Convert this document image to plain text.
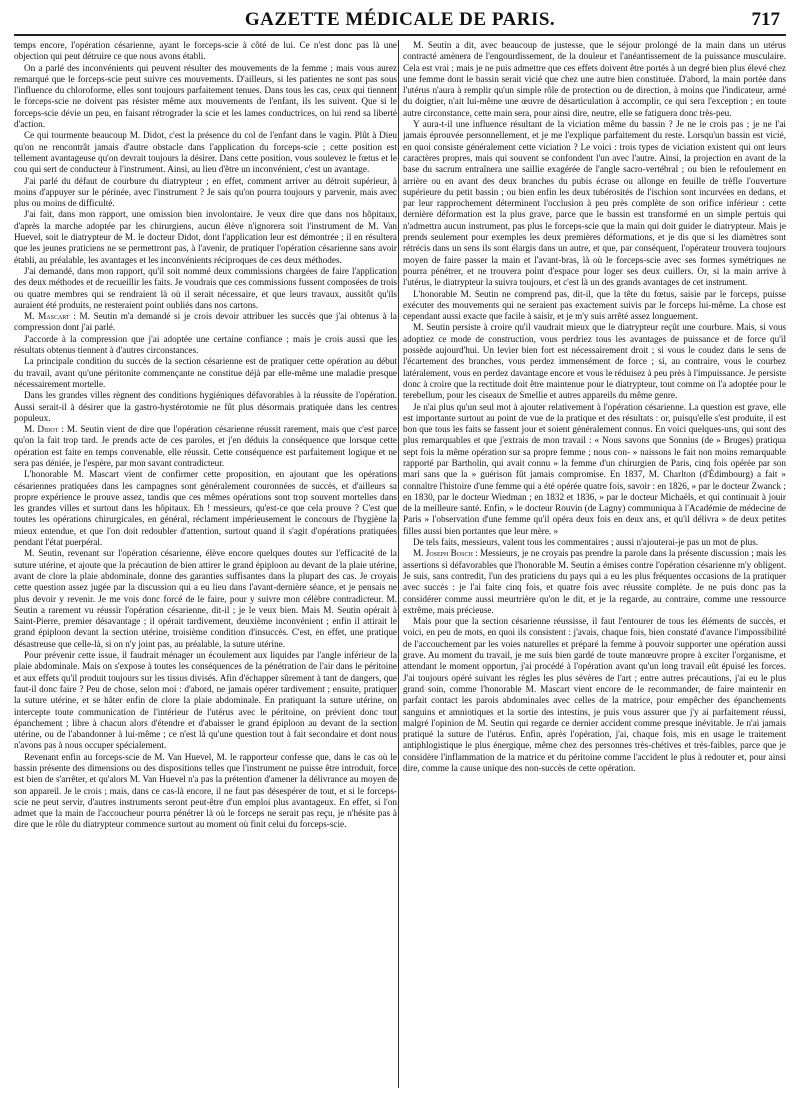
GAZETTE MÉDICALE DE PARIS.	717

temps encore, l'opération césarienne, ayant le forceps-scie à côté de lui. Ce n'est donc pas là une objection qui peut détruire ce que nous avons établi.

On a parlé des inconvénients qui peuvent résulter des mouvements de la femme ; mais vous aurez remarqué que le forceps-scie peut suivre ces mouvements. D'ailleurs, si les patientes ne sont pas sous l'influence du chloroforme, elles sont toujours parfaitement tenues. Dans tous les cas, ceux qui tiennent le forceps-scie ne doivent pas résister même aux mouvements de l'enfant, ils les suivent. Que si le forceps-scie dévie un peu, en faisant rétrograder la scie et les lames conductrices, on lui rend sa liberté d'action.

Ce qui tourmente beaucoup M. Didot, c'est la présence du col de l'enfant dans le vagin. Plût à Dieu qu'on ne rencontrât jamais d'autre obstacle dans l'application du forceps-scie ; cette position est tellement avantageuse qu'on devrait toujours la désirer. Dans cette position, vous soulevez le fœtus et le cou qui sert de conducteur à l'instrument. Ainsi, au lieu d'être un inconvénient, c'est un avantage.

J'ai parlé du défaut de courbure du diatrypteur ; en effet, comment arriver au détroit supérieur, à moins d'appuyer sur le périnée, avec l'instrument ? Je sais qu'on pourra toujours y parvenir, mais avec plus ou moins de difficulté.

J'ai fait, dans mon rapport, une omission bien involontaire. Je veux dire que dans nos hôpitaux, d'après la marche adoptée par les chirurgiens, aucun élève n'ignorera soit l'instrument de M. Van Huevel, soit le diatrypteur de M. le docteur Didot, dont l'application leur est démontrée ; il en résultera que les jeunes praticiens ne se permettront pas, à l'avenir, de pratiquer l'opération césarienne sans avoir établi, au préalable, les avantages et les inconvénients réciproques de ces deux méthodes.

J'ai demandé, dans mon rapport, qu'il soit nommé deux commissions chargées de faire l'application des deux méthodes et de recueillir les faits. Je voudrais que ces commissions fussent composées de trois ou quatre membres qui se rendraient là où il serait nécessaire, et que leurs travaux, aussitôt qu'ils auraient été produits, ne resteraient point oubliés dans nos cartons.

M. Mascart : M. Seutin m'a demandé si je crois devoir attribuer les succès que j'ai obtenus à la compression dont j'ai parlé.

J'accorde à la compression que j'ai adoptée une certaine confiance ; mais je crois aussi que les résultats obtenus tiennent à d'autres circonstances.

La principale condition du succès de la section césarienne est de pratiquer cette opération au début du travail, avant qu'une péritonite commençante ne constitue déjà par elle-même une maladie presque nécessairement mortelle.

Dans les grandes villes règnent des conditions hygiéniques défavorables à la réussite de l'opération. Aussi serait-il à désirer que la gastro-hystérotomie ne fût plus désormais pratiquée dans les centres populeux.

M. Didot : M. Seutin vient de dire que l'opération césarienne réussit rarement, mais que c'est parce qu'on la fait trop tard. Je prends acte de ces paroles, et j'en déduis la conséquence que lorsque cette opération est faite en temps convenable, elle réussit. Cette conséquence est parfaitement logique et ne sera pas déniée, je l'espère, par mon savant contradicteur.

L'honorable M. Mascart vient de confirmer cette proposition, en ajoutant que les opérations césariennes pratiquées dans les campagnes sont généralement couronnées de succès, et d'ailleurs sa propre expérience le prouve assez, tandis que ces mêmes opérations sont trop souvent mortelles dans les grandes villes et surtout dans les hôpitaux. Eh ! messieurs, qu'est-ce que cela prouve ? C'est que toutes les opérations chirurgicales, en général, réclament impérieusement le concours de l'hygiène la mieux entendue, et que l'on doit redoubler d'attention, surtout quand il s'agit d'opérations pratiquées pendant l'état puerpéral.

M. Seutin, revenant sur l'opération césarienne, élève encore quelques doutes sur l'efficacité de la suture utérine, et ajoute que la précaution de bien attirer le grand épiploon au devant de la plaie utérine, avant de clore la plaie abdominale, donne des garanties suffisantes dans la plupart des cas. Je croyais cette question assez jugée par la discussion qui a eu lieu dans l'avant-dernière séance, et je pensais ne plus devoir y revenir. Je me vois donc forcé de le faire, pour y suivre mon célèbre contradicteur. M. Seutin a rarement vu réussir l'opération césarienne, dit-il ; je le veux bien. Mais M. Seutin opérait à Saint-Pierre, premier désavantage ; il opérait tardivement, deuxième inconvénient ; enfin il attirait le grand épiploon devant la section utérine, troisième condition d'insuccès. C'est, en effet, une pratique désastreuse que celle-là, si on n'y joint pas, au préalable, la suture utérine.

Pour prévenir cette issue, il faudrait ménager un écoulement aux liquides par l'angle inférieur de la plaie abdominale. Mais on s'expose à toutes les conséquences de la pénétration de l'air dans le péritoine et aux effets qu'il produit toujours sur les tissus divisés. Afin d'échapper sûrement à tant de dangers, que faut-il donc faire ? Peu de chose, selon moi : d'abord, ne jamais opérer tardivement ; ensuite, pratiquer la suture utérine, et se hâter enfin de clore la plaie abdominale. En pratiquant la suture utérine, on intercepte toute communication de l'intérieur de l'utérus avec le péritoine, on prévient donc tout épanchement ; libre à chacun alors d'étendre et d'abaisser le grand épiploon au devant de la section utérine, ou de l'abandonner à lui-même ; ce n'est là qu'une question tout à fait secondaire et dont nous n'avons pas à nous occuper spécialement.

Revenant enfin au forceps-scie de M. Van Huevel, M. le rapporteur confesse que, dans le cas où le bassin présente des dimensions ou des dispositions telles que l'instrument ne puisse être introduit, force est bien de s'arrêter, et qu'alors M. Van Huevel n'a pas la prétention d'amener la délivrance au moyen de son appareil. Je le crois ; mais, dans ce cas-là encore, il ne faut pas désespérer de tout, et si le forceps-scie ne peut servir, d'autres instruments seront peut-être d'un emploi plus avantageux. En effet, si l'on admet que la main de l'accoucheur pourra pénétrer là où le forceps ne serait pas reçu, je n'hésite pas à dire que le rôle du diatrypteur commence surtout au moment où finit celui du forceps-scie.

M. Seutin a dit, avec beaucoup de justesse, que le séjour prolongé de la main dans un utérus contracté amènera de l'engourdissement, de la douleur et l'anéantissement de la puissance musculaire. Cela est vrai ; mais je ne puis admettre que ces effets doivent être portés à un degré bien plus élevé chez une femme dont le bassin serait vicié que chez une autre bien constituée. D'abord, la main portée dans l'utérus n'aura à remplir qu'un simple rôle de protection ou de direction, à moins que l'indicateur, armé du doigtier, n'ait lui-même une œuvre de désarticulation à accomplir, ce qui sera l'exception ; en toute autre circonstance, cette main sera, pour ainsi dire, neutre, elle se fatiguera donc très-peu.

Y aura-t-il une influence résultant de la viciation même du bassin ? Je ne le crois pas ; je ne l'ai jamais éprouvée personnellement, et je me l'explique parfaitement du reste. Lorsqu'un bassin est vicié, en quoi consiste généralement cette viciation ? Le voici : trois types de viciation existent qui ont leurs caractères propres, mais qui souvent se confondent l'un avec l'autre. Ainsi, la projection en avant de la base du sacrum entraînera une saillie exagérée de l'angle sacro-vertébral ; ou bien le refoulement en arrière ou en avant des deux branches du pubis écrase ou allonge en feuille de trèfle l'ouverture supérieure du petit bassin ; ou bien enfin les deux tubérosités de l'ischion sont incurvées en dedans, et par leur rapprochement déterminent l'occlusion à peu près complète de son orifice inférieur : cette dernière déformation est la plus grave, parce que le bassin est transformé en un simple pertuis qui n'admettra aucun instrument, pas plus le forceps-scie que la main qui doit guider le diatrypteur. Mais je prends seulement pour exemples les deux premières déformations, et je dis que si les diamètres sont rétrécis dans un sens ils sont élargis dans un autre, et que, par conséquent, l'opérateur trouvera toujours moyen de faire passer la main et l'avant-bras, là où le forceps-scie avec ses formes symétriques ne pourra pénétrer, et ne trouvera point d'espace pour loger ses deux cuillers. Or, si la main arrive à l'utérus, le diatrypteur la suivra toujours, et c'est là un des grands avantages de cet instrument.

L'honorable M. Seutin ne comprend pas, dit-il, que la tête du fœtus, saisie par le forceps, puisse exécuter des mouvements qui ne seraient pas exactement suivis par le forceps lui-même. La chose est cependant aussi exacte que facile à saisir, et je m'y suis arrêté assez longuement.

M. Seutin persiste à croire qu'il vaudrait mieux que le diatrypteur reçût une courbure. Mais, si vous adoptiez ce mode de construction, vous perdriez tous les avantages de puissance et de force qu'il possède aujourd'hui. Un levier bien fort est nécessairement droit ; si vous le coudez dans le sens de l'écartement des branches, vous perdez immensément de force ; si, au contraire, vous le courbez latéralement, vous en perdez davantage encore et vous le réduisez à peu près à l'impuissance. Je persiste donc à croire que la rectitude doit être maintenue pour le diatrypteur, tout comme on l'a adoptée pour le terebellum, pour les ciseaux de Smellie et autres appareils du même genre.

Je n'ai plus qu'un seul mot à ajouter relativement à l'opération césarienne. La question est grave, elle est importante surtout au point de vue de la pratique et des résultats : or, puisqu'elle s'est produite, il est bon que tous les faits se fassent jour et soient généralement connus. En voici quelques-uns, qui sont des plus remarquables et que j'extrais de mon travail : « Nous savons que Sonnius (de » Bruges) pratiqua sept fois la même opération sur sa propre femme ; nous con- » naissons le fait non moins remarquable rapporté par Bartholin, qui avait connu » la femme d'un chirurgien de Paris, cinq fois opérée par son mari sans que la » guérison fût jamais compromise. En 1837, M. Charlton (d'Édimbourg) a fait » connaître l'histoire d'une femme qui a été opérée quatre fois, savoir : en 1826, » par le docteur Zwanck ; en 1830, par le docteur Wiedman ; en 1832 et 1836, » par le docteur Michaëls, et qui continuait à jouir de la meilleure santé. Enfin, » le docteur Rouvin (de Lagny) communiqua à l'Académie de médecine de Paris » l'observation d'une femme qu'il opéra deux fois en deux ans, et qu'il délivra » de deux petites filles aussi bien portantes que leur mère. »

De tels faits, messieurs, valent tous les commentaires ; aussi n'ajouterai-je pas un mot de plus.

M. Joseph Bosch : Messieurs, je ne croyais pas prendre la parole dans la présente discussion ; mais les assertions si défavorables que l'honorable M. Seutin a émises contre l'opération césarienne m'y obligent. Je suis, sans contredit, l'un des praticiens du pays qui a eu les plus fréquentes occasions de la pratiquer avec succès : je l'ai faite cinq fois, et quatre fois avec réussite complète. Je ne puis donc pas la considérer comme aussi meurtrière qu'on le dit, et je la regarde, au contraire, comme une ressource extrême, mais précieuse.

Mais pour que la section césarienne réussisse, il faut l'entourer de tous les éléments de succès, et voici, en peu de mots, en quoi ils consistent : j'avais, chaque fois, bien constaté d'avance l'impossibilité de l'accouchement par les voies naturelles et préparé la femme à pouvoir supporter une opération aussi grave. Au moment du travail, je me suis bien gardé de toute manœuvre propre à exciter l'organisme, et attendant le moment opportun, j'ai procédé à l'opération avant qu'un long travail eût épuisé les forces. J'ai toujours opéré suivant les règles les plus sévères de l'art ; entre autres précautions, j'ai eu le plus grand soin, comme l'honorable M. Mascart vient encore de le recommander, de faire maintenir en parfait contact les parois abdominales avec celles de la matrice, pour empêcher des épanchements sanguins et amniotiques et la sortie des intestins, je puis vous assurer que j'y ai parfaitement réussi, malgré l'opinion de M. Seutin qui regarde ce dernier accident comme presque inévitable. Je n'ai jamais pratiqué la suture de l'utérus. Enfin, après l'opération, j'ai, chaque fois, mis en usage le traitement antiphlogistique le plus énergique, même chez des personnes très-chétives et très-faibles, parce que je considère l'inflammation de la matrice et du péritoine comme l'accident le plus à redouter et, pour ainsi dire, comme la cause unique des non-succès de cette opération.
